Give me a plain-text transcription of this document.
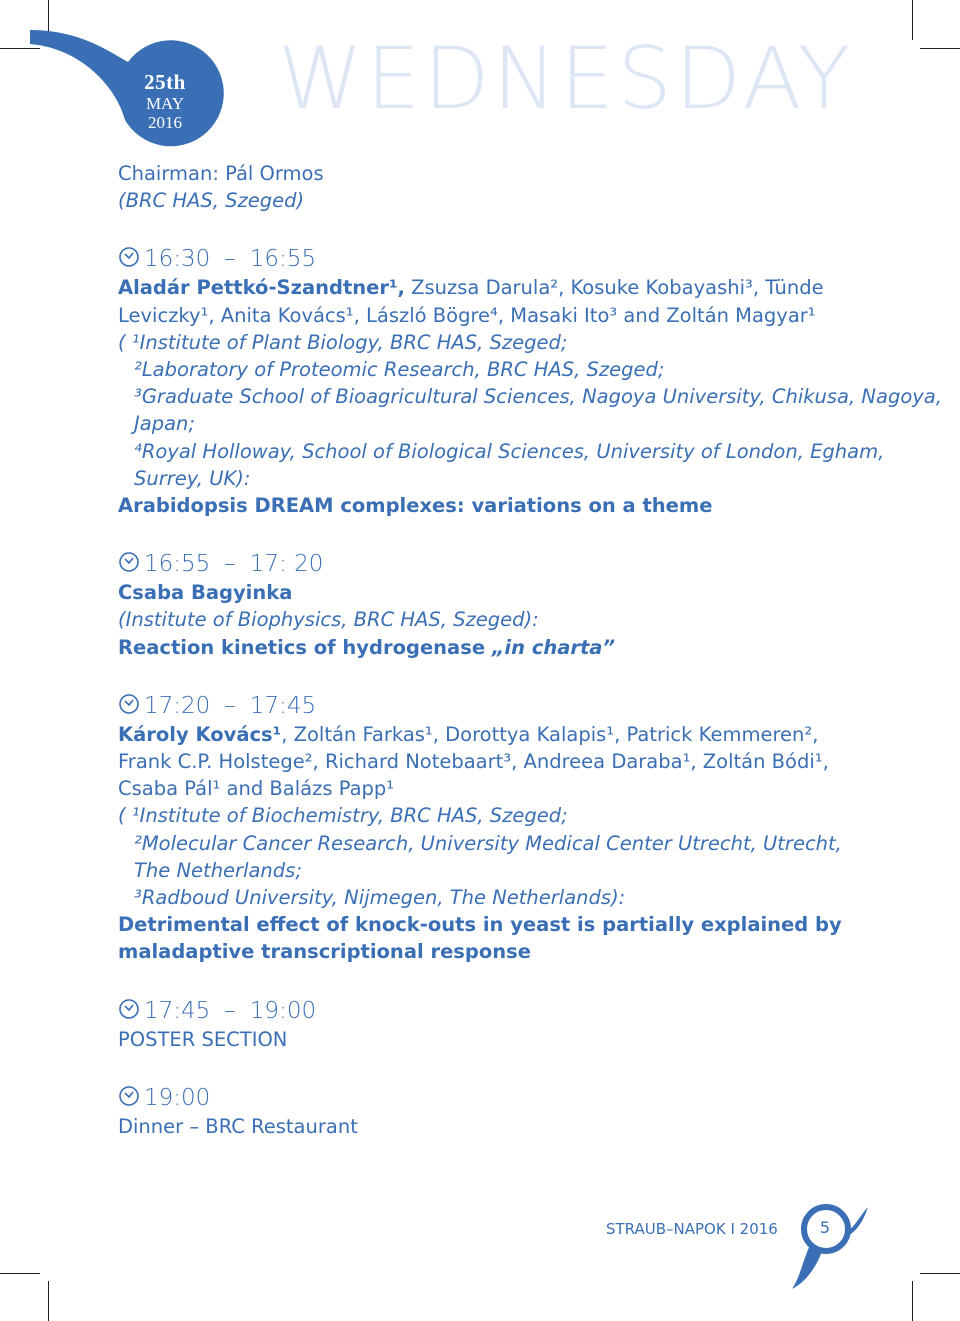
25th
MAY
2016	WEDNESDAY
Chairman: Pál Ormos
(BRC HAS, Szeged)
16:30 – 16:55
Aladár Pettkó-Szandtner¹, Zsuzsa Darula², Kosuke Kobayashi³, Tünde
Leviczky¹, Anita Kovács¹, László Bögre⁴, Masaki Ito³ and Zoltán Magyar¹
( ¹Institute of Plant Biology, BRC HAS, Szeged;
²Laboratory of Proteomic Research, BRC HAS, Szeged;
³Graduate School of Bioagricultural Sciences, Nagoya University, Chikusa, Nagoya,
Japan;
⁴Royal Holloway, School of Biological Sciences, University of London, Egham,
Surrey, UK):
Arabidopsis DREAM complexes: variations on a theme
16:55 – 17: 20
Csaba Bagyinka
(Institute of Biophysics, BRC HAS, Szeged):
Reaction kinetics of hydrogenase „in charta”
17:20 – 17:45
Károly Kovács¹, Zoltán Farkas¹, Dorottya Kalapis¹, Patrick Kemmeren²,
Frank C.P. Holstege², Richard Notebaart³, Andreea Daraba¹, Zoltán Bódi¹,
Csaba Pál¹ and Balázs Papp¹
( ¹Institute of Biochemistry, BRC HAS, Szeged;
²Molecular Cancer Research, University Medical Center Utrecht, Utrecht,
The Netherlands;
³Radboud University, Nijmegen, The Netherlands):
Detrimental effect of knock-outs in yeast is partially explained by
maladaptive transcriptional response
17:45 – 19:00
POSTER SECTION
19:00
Dinner – BRC Restaurant
STRAUB–NAPOK I 2016	5
